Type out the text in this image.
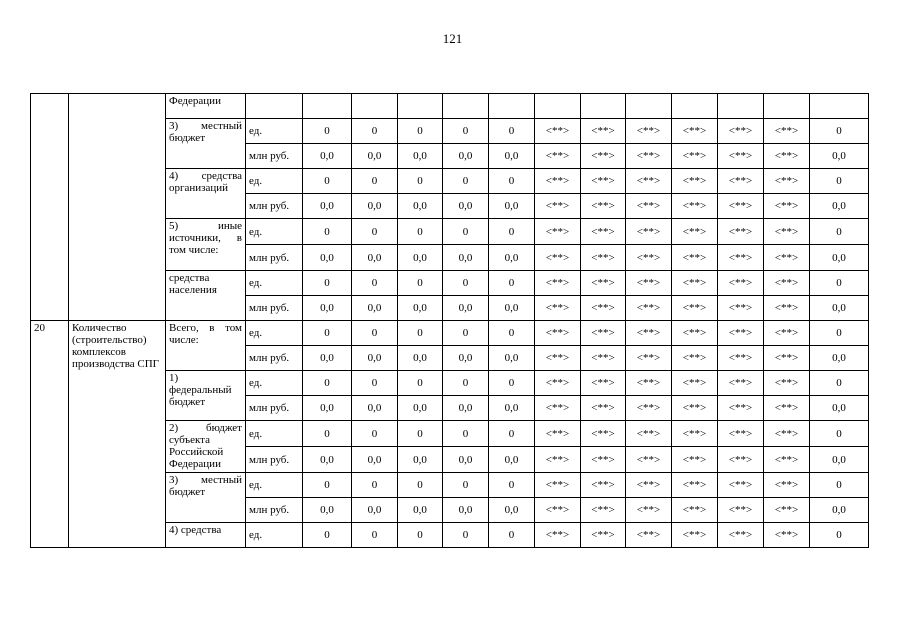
121
		Федерации													
		3) местный бюджет	ед.	0	0	0	0	0	<**>	<**>	<**>	<**>	<**>	<**>	0
			млн руб.	0,0	0,0	0,0	0,0	0,0	<**>	<**>	<**>	<**>	<**>	<**>	0,0
		4) средства организаций	ед.	0	0	0	0	0	<**>	<**>	<**>	<**>	<**>	<**>	0
			млн руб.	0,0	0,0	0,0	0,0	0,0	<**>	<**>	<**>	<**>	<**>	<**>	0,0
		5) иные источники, в том числе:	ед.	0	0	0	0	0	<**>	<**>	<**>	<**>	<**>	<**>	0
			млн руб.	0,0	0,0	0,0	0,0	0,0	<**>	<**>	<**>	<**>	<**>	<**>	0,0
		средства населения	ед.	0	0	0	0	0	<**>	<**>	<**>	<**>	<**>	<**>	0
			млн руб.	0,0	0,0	0,0	0,0	0,0	<**>	<**>	<**>	<**>	<**>	<**>	0,0
20	Количество (строительство) комплексов производства СПГ	Всего, в том числе:	ед.	0	0	0	0	0	<**>	<**>	<**>	<**>	<**>	<**>	0
			млн руб.	0,0	0,0	0,0	0,0	0,0	<**>	<**>	<**>	<**>	<**>	<**>	0,0
		1) федеральный бюджет	ед.	0	0	0	0	0	<**>	<**>	<**>	<**>	<**>	<**>	0
			млн руб.	0,0	0,0	0,0	0,0	0,0	<**>	<**>	<**>	<**>	<**>	<**>	0,0
		2) бюджет субъекта Российской Федерации	ед.	0	0	0	0	0	<**>	<**>	<**>	<**>	<**>	<**>	0
			млн руб.	0,0	0,0	0,0	0,0	0,0	<**>	<**>	<**>	<**>	<**>	<**>	0,0
		3) местный бюджет	ед.	0	0	0	0	0	<**>	<**>	<**>	<**>	<**>	<**>	0
			млн руб.	0,0	0,0	0,0	0,0	0,0	<**>	<**>	<**>	<**>	<**>	<**>	0,0
		4) средства	ед.	0	0	0	0	0	<**>	<**>	<**>	<**>	<**>	<**>	0
